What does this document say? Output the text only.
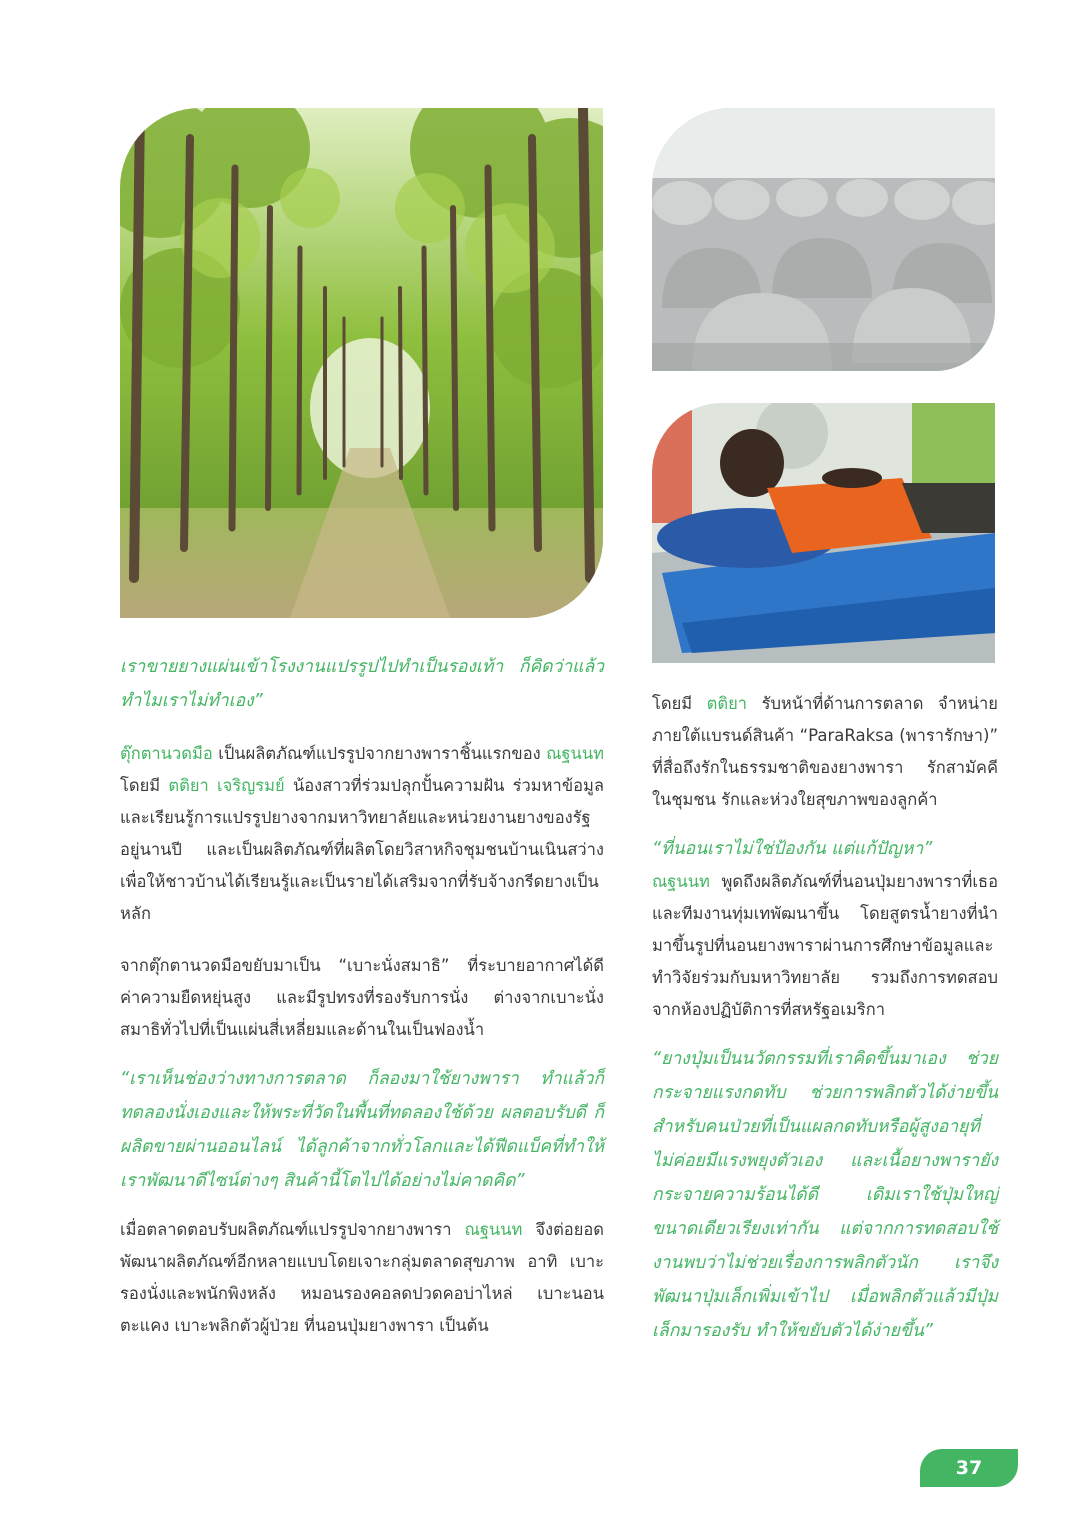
เราขายยางแผ่นเข้าโรงงานแปรรูปไปทำเป็นรองเท้า ก็คิดว่าแล้วทำไมเราไม่ทำเอง”

ตุ๊กตานวดมือ เป็นผลิตภัณฑ์แปรรูปจากยางพาราชิ้นแรกของ ณฐนนท โดยมี ตติยา เจริญรมย์ น้องสาวที่ร่วมปลุกปั้นความฝัน ร่วมหาข้อมูลและเรียนรู้การแปรรูปยางจากมหาวิทยาลัยและหน่วยงานยางของรัฐอยู่นานปี และเป็นผลิตภัณฑ์ที่ผลิตโดยวิสาหกิจชุมชนบ้านเนินสว่าง เพื่อให้ชาวบ้านได้เรียนรู้และเป็นรายได้เสริมจากที่รับจ้างกรีดยางเป็นหลัก

จากตุ๊กตานวดมือขยับมาเป็น “เบาะนั่งสมาธิ” ที่ระบายอากาศได้ดี ค่าความยืดหยุ่นสูง และมีรูปทรงที่รองรับการนั่ง ต่างจากเบาะนั่งสมาธิทั่วไปที่เป็นแผ่นสี่เหลี่ยมและด้านในเป็นฟองน้ำ

“เราเห็นช่องว่างทางการตลาด ก็ลองมาใช้ยางพารา ทำแล้วก็ทดลองนั่งเองและให้พระที่วัดในพื้นที่ทดลองใช้ด้วย ผลตอบรับดี ก็ผลิตขายผ่านออนไลน์ ได้ลูกค้าจากทั่วโลกและได้ฟีดแบ็คที่ทำให้เราพัฒนาดีไซน์ต่างๆ สินค้านี้โตไปได้อย่างไม่คาดคิด”

เมื่อตลาดตอบรับผลิตภัณฑ์แปรรูปจากยางพารา ณฐนนท จึงต่อยอดพัฒนาผลิตภัณฑ์อีกหลายแบบโดยเจาะกลุ่มตลาดสุขภาพ อาทิ เบาะรองนั่งและพนักพิงหลัง หมอนรองคอลดปวดคอบ่าไหล่ เบาะนอนตะแคง เบาะพลิกตัวผู้ป่วย ที่นอนปุ่มยางพารา เป็นต้น

โดยมี ตติยา รับหน้าที่ด้านการตลาด จำหน่ายภายใต้แบรนด์สินค้า “ParaRaksa (พารารักษา)” ที่สื่อถึงรักในธรรมชาติของยางพารา รักสามัคคีในชุมชน รักและห่วงใยสุขภาพของลูกค้า

“ที่นอนเราไม่ใช่ป้องกัน แต่แก้ปัญหา”

ณฐนนท พูดถึงผลิตภัณฑ์ที่นอนปุ่มยางพาราที่เธอและทีมงานทุ่มเทพัฒนาขึ้น โดยสูตรน้ำยางที่นำมาขึ้นรูปที่นอนยางพาราผ่านการศึกษาข้อมูลและทำวิจัยร่วมกับมหาวิทยาลัย รวมถึงการทดสอบจากห้องปฏิบัติการที่สหรัฐอเมริกา

“ยางปุ่มเป็นนวัตกรรมที่เราคิดขึ้นมาเอง ช่วยกระจายแรงกดทับ ช่วยการพลิกตัวได้ง่ายขึ้น สำหรับคนป่วยที่เป็นแผลกดทับหรือผู้สูงอายุที่ไม่ค่อยมีแรงพยุงตัวเอง และเนื้อยางพารายังกระจายความร้อนได้ดี เดิมเราใช้ปุ่มใหญ่ขนาดเดียวเรียงเท่ากัน แต่จากการทดสอบใช้งานพบว่าไม่ช่วยเรื่องการพลิกตัวนัก เราจึงพัฒนาปุ่มเล็กเพิ่มเข้าไป เมื่อพลิกตัวแล้วมีปุ่มเล็กมารองรับ ทำให้ขยับตัวได้ง่ายขึ้น”

37
